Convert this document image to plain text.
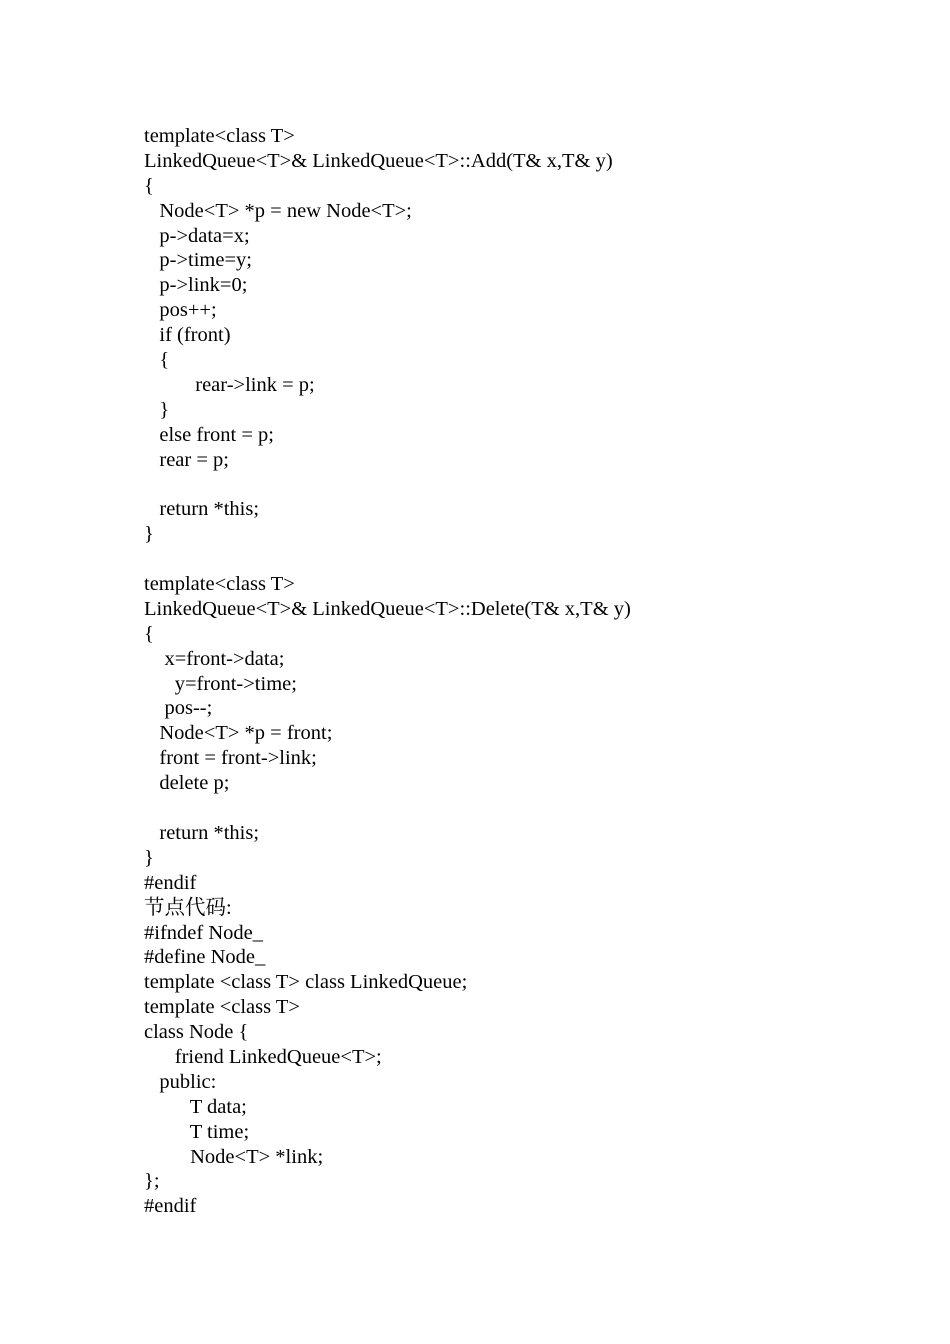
template<class T>
LinkedQueue<T>& LinkedQueue<T>::Add(T& x,T& y)
{
Node<T> *p = new Node<T>;
p->data=x;
p->time=y;
p->link=0;
pos++;
if (front)
{
rear->link = p;
}
else front = p;
rear = p;
return *this;
}
template<class T>
LinkedQueue<T>& LinkedQueue<T>::Delete(T& x,T& y)
{
x=front->data;
y=front->time;
pos--;
Node<T> *p = front;
front = front->link;
delete p;
return *this;
}
#endif
节点代码:
#ifndef Node_
#define Node_
template <class T> class LinkedQueue;
template <class T>
class Node {
friend LinkedQueue<T>;
public:
T data;
T time;
Node<T> *link;
};
#endif
